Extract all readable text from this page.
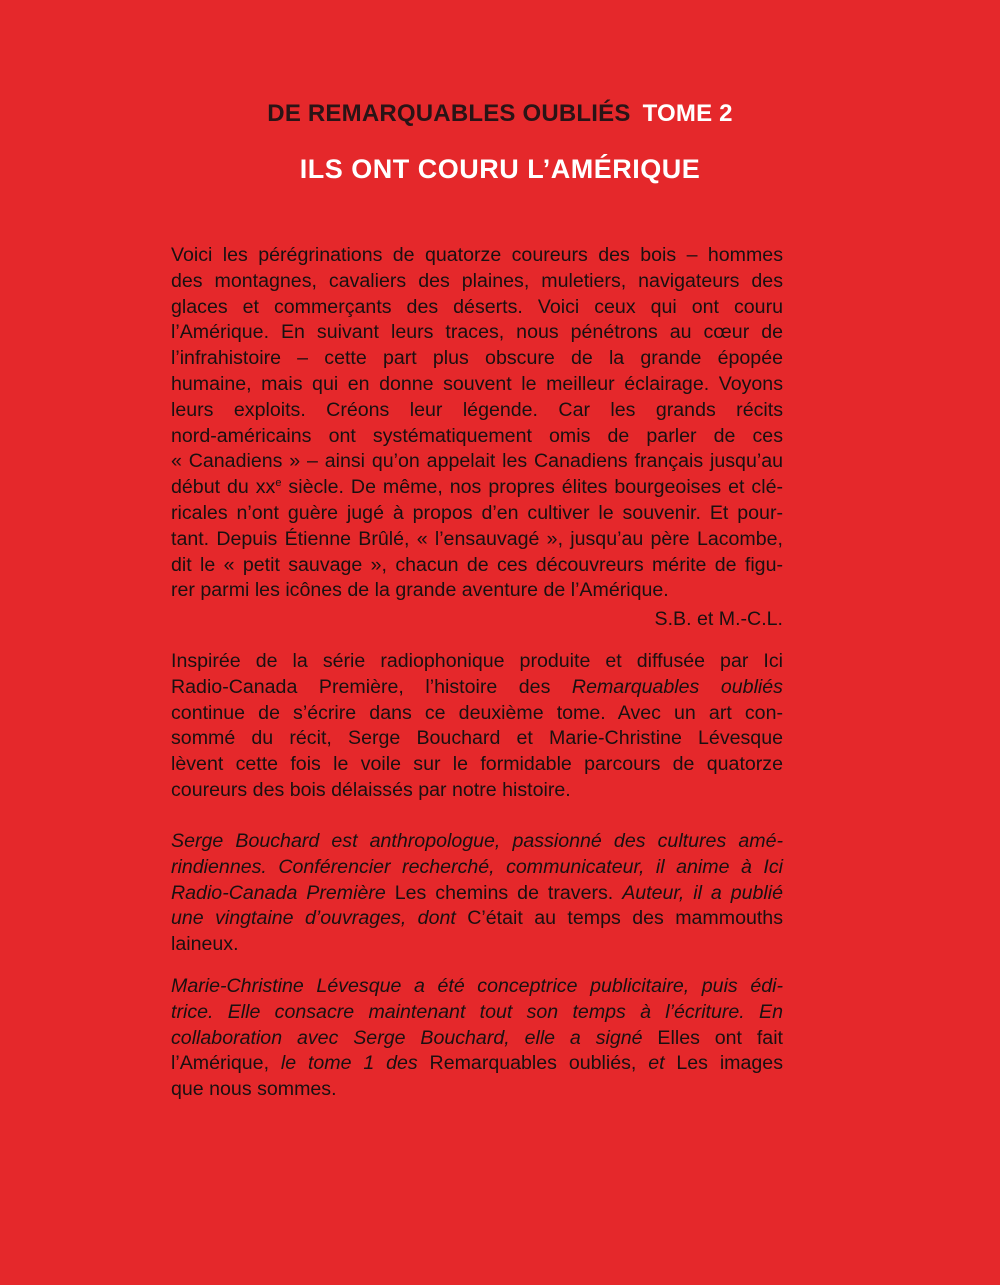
DE REMARQUABLES OUBLIÉS TOME 2
ILS ONT COURU L’AMÉRIQUE
Voici les pérégrinations de quatorze coureurs des bois – hommes
des montagnes, cavaliers des plaines, muletiers, navigateurs des
glaces et commerçants des déserts. Voici ceux qui ont couru
l’Amérique. En suivant leurs traces, nous pénétrons au cœur de
l’infrahistoire – cette part plus obscure de la grande épopée
humaine, mais qui en donne souvent le meilleur éclairage. Voyons
leurs exploits. Créons leur légende. Car les grands récits
nord-américains ont systématiquement omis de parler de ces
« Canadiens » – ainsi qu’on appelait les Canadiens français jusqu’au
début du $xx^e$ siècle. De même, nos propres élites bourgeoises et clé-
ricales n’ont guère jugé à propos d’en cultiver le souvenir. Et pour-
tant. Depuis Étienne Brûlé, « l’ensauvagé », jusqu’au père Lacombe,
dit le « petit sauvage », chacun de ces découvreurs mérite de figu-
rer parmi les icônes de la grande aventure de l’Amérique.
S.B. et M.-C.L.
Inspirée de la série radiophonique produite et diffusée par Ici
Radio-Canada Première, l’histoire des Remarquables oubliés
continue de s’écrire dans ce deuxième tome. Avec un art con-
sommé du récit, Serge Bouchard et Marie-Christine Lévesque
lèvent cette fois le voile sur le formidable parcours de quatorze
coureurs des bois délaissés par notre histoire.
Serge Bouchard est anthropologue, passionné des cultures amé-
rindiennes. Conférencier recherché, communicateur, il anime à Ici
Radio-Canada Première Les chemins de travers. Auteur, il a publié
une vingtaine d’ouvrages, dont C’était au temps des mammouths
laineux.
Marie-Christine Lévesque a été conceptrice publicitaire, puis édi-
trice. Elle consacre maintenant tout son temps à l’écriture. En
collaboration avec Serge Bouchard, elle a signé Elles ont fait
l’Amérique, le tome 1 des Remarquables oubliés, et Les images
que nous sommes.
